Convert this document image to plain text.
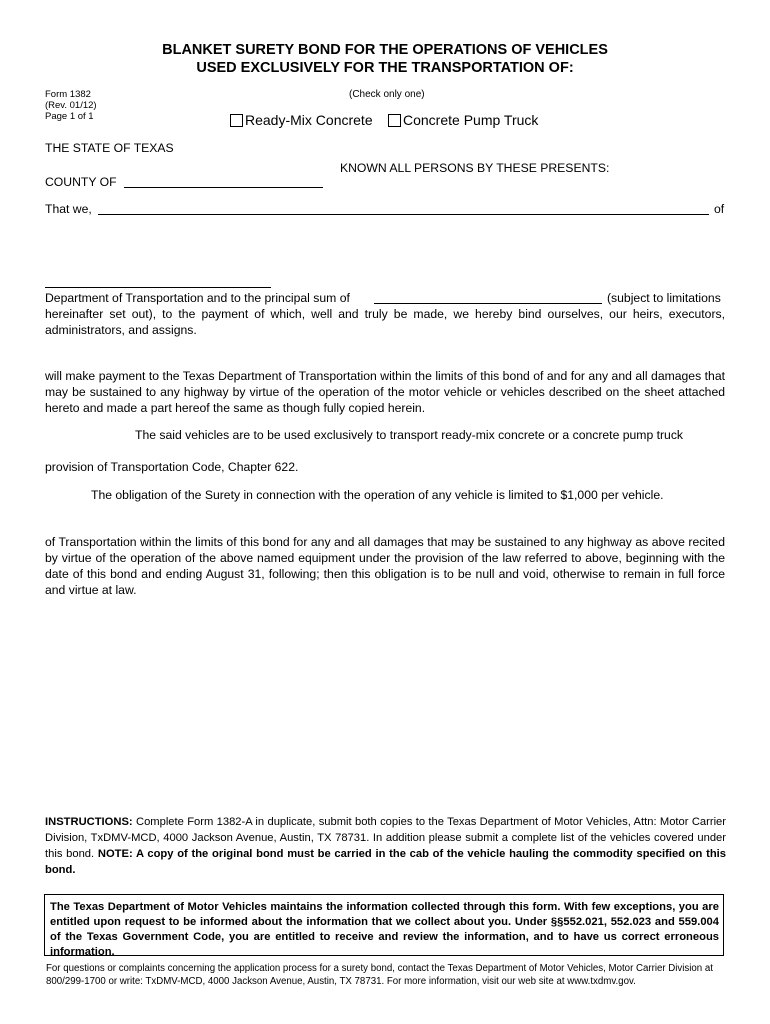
BLANKET SURETY BOND FOR THE OPERATIONS OF VEHICLES
USED EXCLUSIVELY FOR THE TRANSPORTATION OF:
Form 1382
(Rev. 01/12)
Page 1 of 1
(Check only one)
Ready-Mix Concrete	Concrete Pump Truck
THE STATE OF TEXAS
KNOWN ALL PERSONS BY THESE PRESENTS:
COUNTY OF
That we,	of
Department of Transportation and to the principal sum of	(subject to limitations
hereinafter set out), to the payment of which, well and truly be made, we hereby bind ourselves, our heirs, executors, administrators, and assigns.
will make payment to the Texas Department of Transportation within the limits of this bond of and for any and all damages that may be sustained to any highway by virtue of the operation of the motor vehicle or vehicles described on the sheet attached hereto and made a part hereof the same as though fully copied herein.
The said vehicles are to be used exclusively to transport ready-mix concrete or a concrete pump truck
provision of Transportation Code, Chapter 622.
The obligation of the Surety in connection with the operation of any vehicle is limited to $1,000 per vehicle.
of Transportation within the limits of this bond for any and all damages that may be sustained to any highway as above recited by virtue of the operation of the above named equipment under the provision of the law referred to above, beginning with the date of this bond and ending August 31, following; then this obligation is to be null and void, otherwise to remain in full force and virtue at law.
INSTRUCTIONS: Complete Form 1382-A in duplicate, submit both copies to the Texas Department of Motor Vehicles, Attn: Motor Carrier Division, TxDMV-MCD, 4000 Jackson Avenue, Austin, TX 78731. In addition please submit a complete list of the vehicles covered under this bond. NOTE: A copy of the original bond must be carried in the cab of the vehicle hauling the commodity specified on this bond.
The Texas Department of Motor Vehicles maintains the information collected through this form. With few exceptions, you are entitled upon request to be informed about the information that we collect about you. Under §§552.021, 552.023 and 559.004 of the Texas Government Code, you are entitled to receive and review the information, and to have us correct erroneous information.
For questions or complaints concerning the application process for a surety bond, contact the Texas Department of Motor Vehicles, Motor Carrier Division at 800/299-1700 or write: TxDMV-MCD, 4000 Jackson Avenue, Austin, TX 78731. For more information, visit our web site at www.txdmv.gov.
